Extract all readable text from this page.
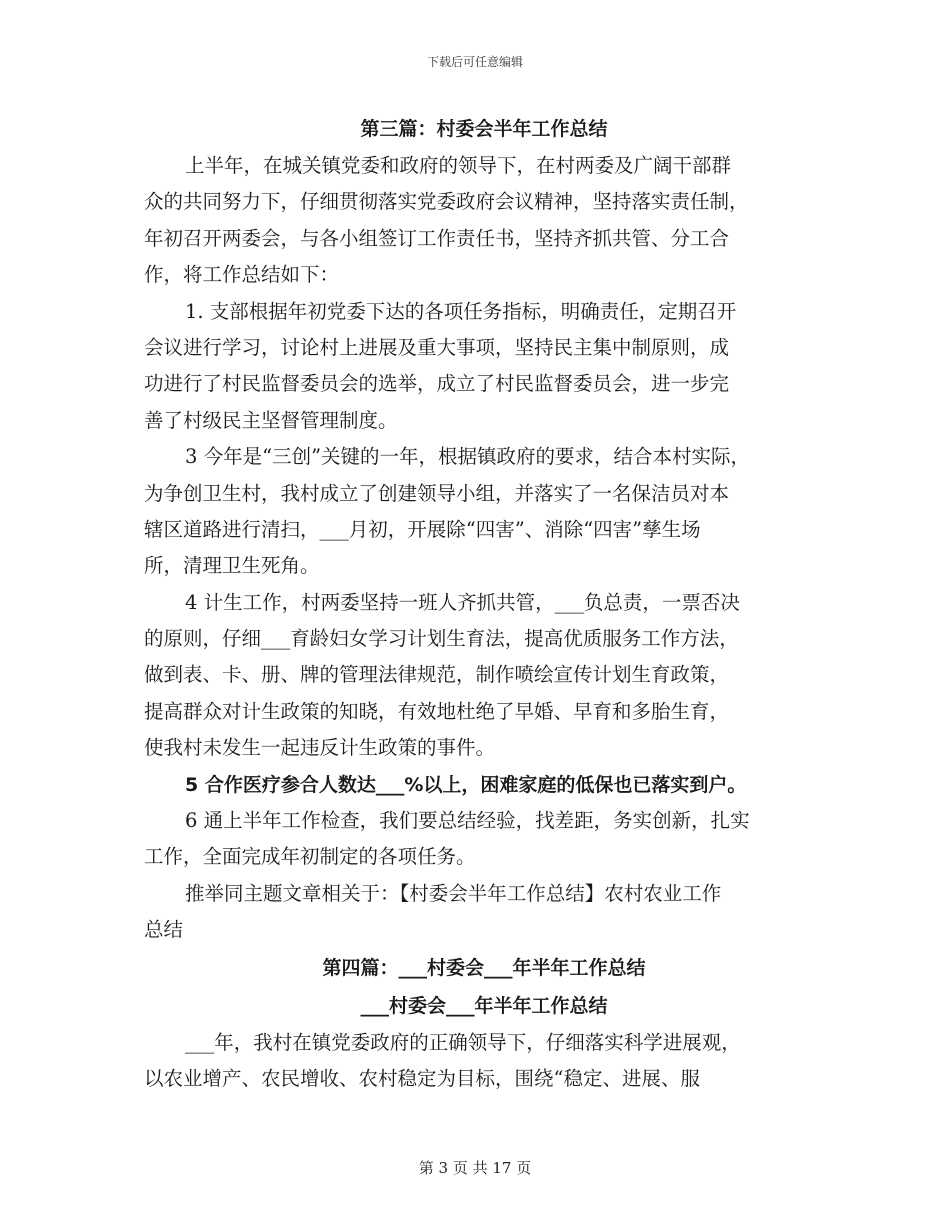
下载后可任意编辑
第三篇：村委会半年工作总结
上半年，在城关镇党委和政府的领导下，在村两委及广阔干部群
众的共同努力下，仔细贯彻落实党委政府会议精神，坚持落实责任制，
年初召开两委会，与各小组签订工作责任书，坚持齐抓共管、分工合
作，将工作总结如下：
1. 支部根据年初党委下达的各项任务指标，明确责任，定期召开
会议进行学习，讨论村上进展及重大事项，坚持民主集中制原则，成
功进行了村民监督委员会的选举，成立了村民监督委员会，进一步完
善了村级民主坚督管理制度。
3 今年是“三创”关键的一年，根据镇政府的要求，结合本村实际，
为争创卫生村，我村成立了创建领导小组，并落实了一名保洁员对本
辖区道路进行清扫，___月初，开展除“四害”、消除“四害”孳生场
所，清理卫生死角。
4 计生工作，村两委坚持一班人齐抓共管，___负总责，一票否决
的原则，仔细___育龄妇女学习计划生育法，提高优质服务工作方法，
做到表、卡、册、牌的管理法律规范，制作喷绘宣传计划生育政策，
提高群众对计生政策的知晓，有效地杜绝了早婚、早育和多胎生育，
使我村未发生一起违反计生政策的事件。
5 合作医疗参合人数达___%以上，困难家庭的低保也已落实到户。
6 通上半年工作检查，我们要总结经验，找差距，务实创新，扎实
工作，全面完成年初制定的各项任务。
推举同主题文章相关于：【村委会半年工作总结】农村农业工作
总结
第四篇：___村委会___年半年工作总结
___村委会___年半年工作总结
___年，我村在镇党委政府的正确领导下，仔细落实科学进展观，
以农业增产、农民增收、农村稳定为目标，围绕“稳定、进展、服
第 3 页 共 17 页
